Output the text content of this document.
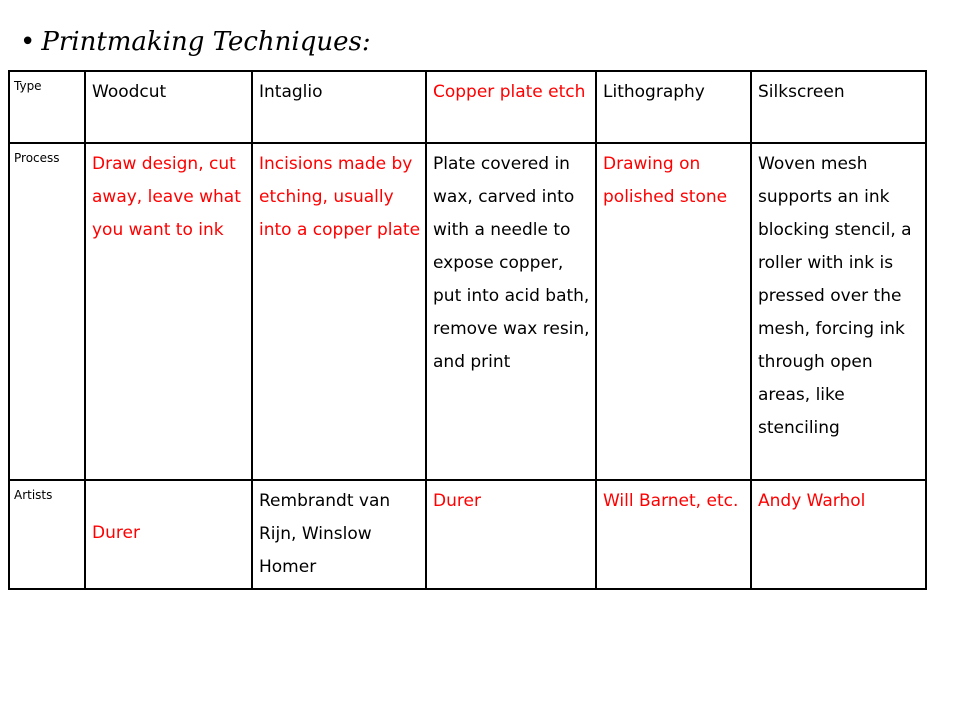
• Printmaking Techniques:
Type	Woodcut	Intaglio	Copper plate etch	Lithography	Silkscreen
Process	Draw design, cut away, leave what you want to ink	Incisions made by etching, usually into a copper plate	Plate covered in wax, carved into with a needle to expose copper, put into acid bath, remove wax resin, and print	Drawing on polished stone	Woven mesh supports an ink blocking stencil, a roller with ink is pressed over the mesh, forcing ink through open areas, like stenciling
Artists	Durer	Rembrandt van Rijn, Winslow Homer	Durer	Will Barnet, etc.	Andy Warhol
